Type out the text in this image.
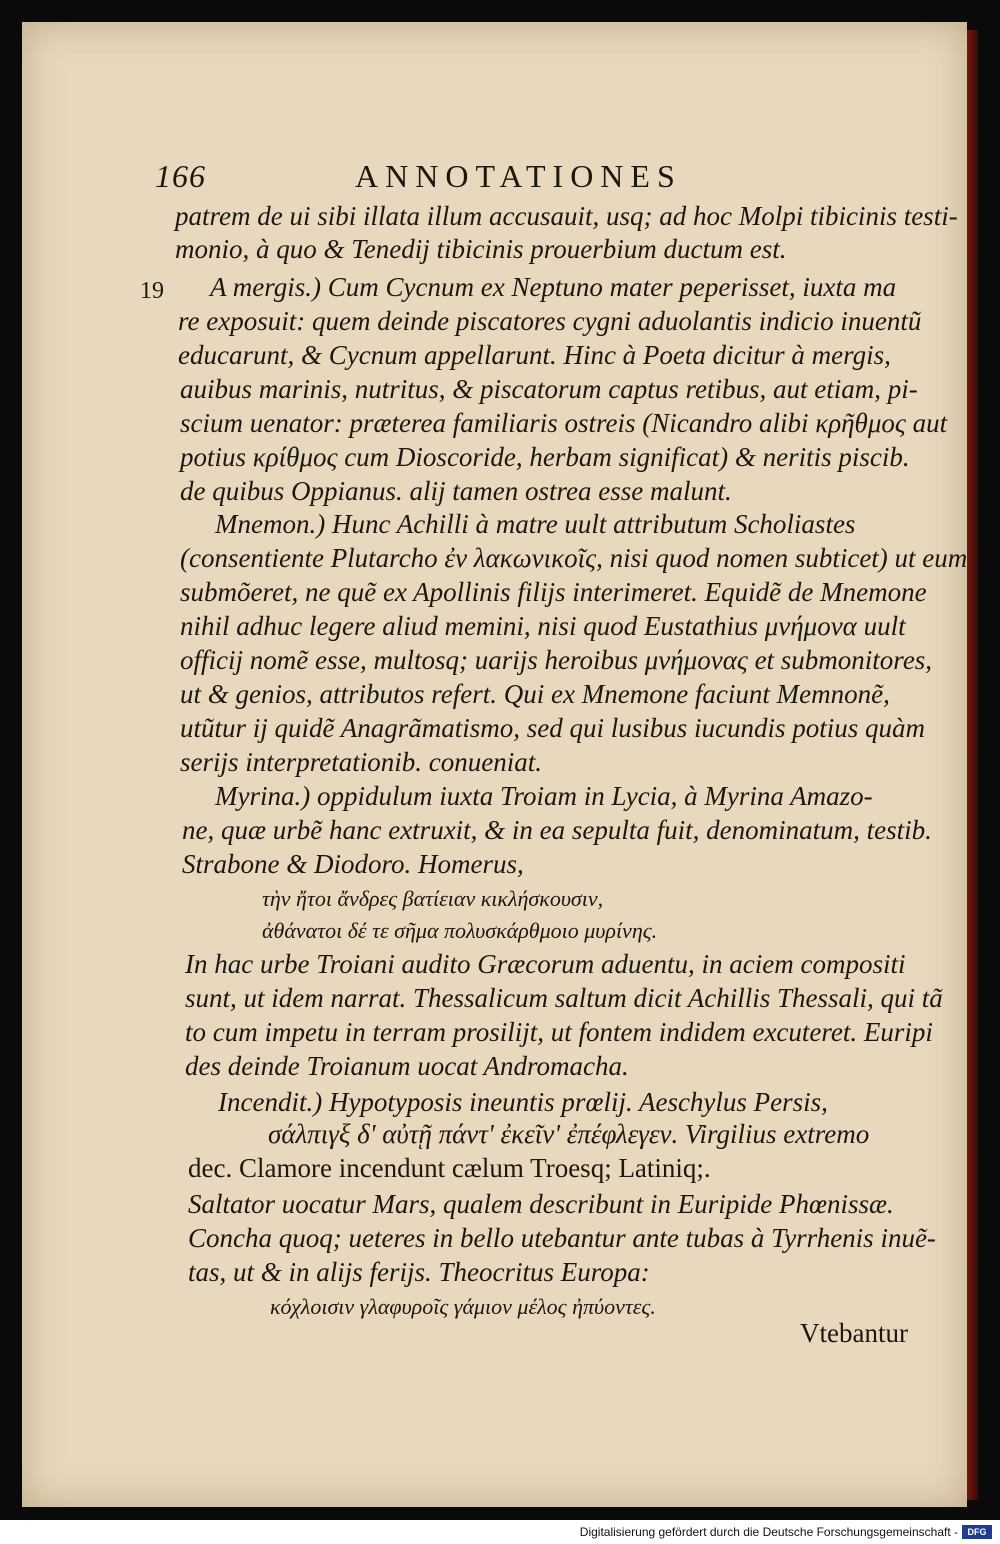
166	ANNOTATIONES
19
patrem de ui sibi illata illum accusauit, usq; ad hoc Molpi tibicinis testi-
monio, à quo & Tenedij tibicinis prouerbium ductum est.
A mergis.) Cum Cycnum ex Neptuno mater peperisset, iuxta ma
re exposuit: quem deinde piscatores cygni aduolantis indicio inuentũ
educarunt, & Cycnum appellarunt. Hinc à Poeta dicitur à mergis,
auibus marinis, nutritus, & piscatorum captus retibus, aut etiam, pi-
scium uenator: præterea familiaris ostreis (Nicandro alibi κρῆθμος aut
potius κρίθμος cum Dioscoride, herbam significat) & neritis piscib.
de quibus Oppianus. alij tamen ostrea esse malunt.
Mnemon.) Hunc Achilli à matre uult attributum Scholiastes
(consentiente Plutarcho ἐν λακωνικοῖς, nisi quod nomen subticet) ut eum
submõeret, ne quẽ ex Apollinis filijs interimeret. Equidẽ de Mnemone
nihil adhuc legere aliud memini, nisi quod Eustathius μνήμονα uult
officij nomẽ esse, multosq; uarijs heroibus μνήμονας et submonitores,
ut & genios, attributos refert. Qui ex Mnemone faciunt Memnonẽ,
utũtur ij quidẽ Anagrãmatismo, sed qui lusibus iucundis potius quàm
serijs interpretationib. conueniat.
Myrina.) oppidulum iuxta Troiam in Lycia, à Myrina Amazo-
ne, quæ urbẽ hanc extruxit, & in ea sepulta fuit, denominatum, testib.
Strabone & Diodoro. Homerus,
τὴν ἤτοι ἄνδρες βατίειαν κικλήσκουσιν,
ἀθάνατοι δέ τε σῆμα πολυσκάρθμοιο μυρίνης.
In hac urbe Troiani audito Græcorum aduentu, in aciem compositi
sunt, ut idem narrat. Thessalicum saltum dicit Achillis Thessali, qui tã
to cum impetu in terram prosilijt, ut fontem indidem excuteret. Euripi
des deinde Troianum uocat Andromacha.
Incendit.) Hypotyposis ineuntis prœlij. Aeschylus Persis,
σάλπιγξ δ' αὐτῇ πάντ' ἐκεῖν' ἐπέφλεγεν. Virgilius extremo
dec. Clamore incendunt cælum Troesq; Latiniq;.
Saltator uocatur Mars, qualem describunt in Euripide Phœnissæ.
Concha quoq; ueteres in bello utebantur ante tubas à Tyrrhenis inuẽ-
tas, ut & in alijs ferijs. Theocritus Europa:
κόχλοισιν γλαφυροῖς γάμιον μέλος ἠπύοντες.
Vtebantur
Digitalisierung gefördert durch die Deutsche Forschungsgemeinschaft -	DFG
